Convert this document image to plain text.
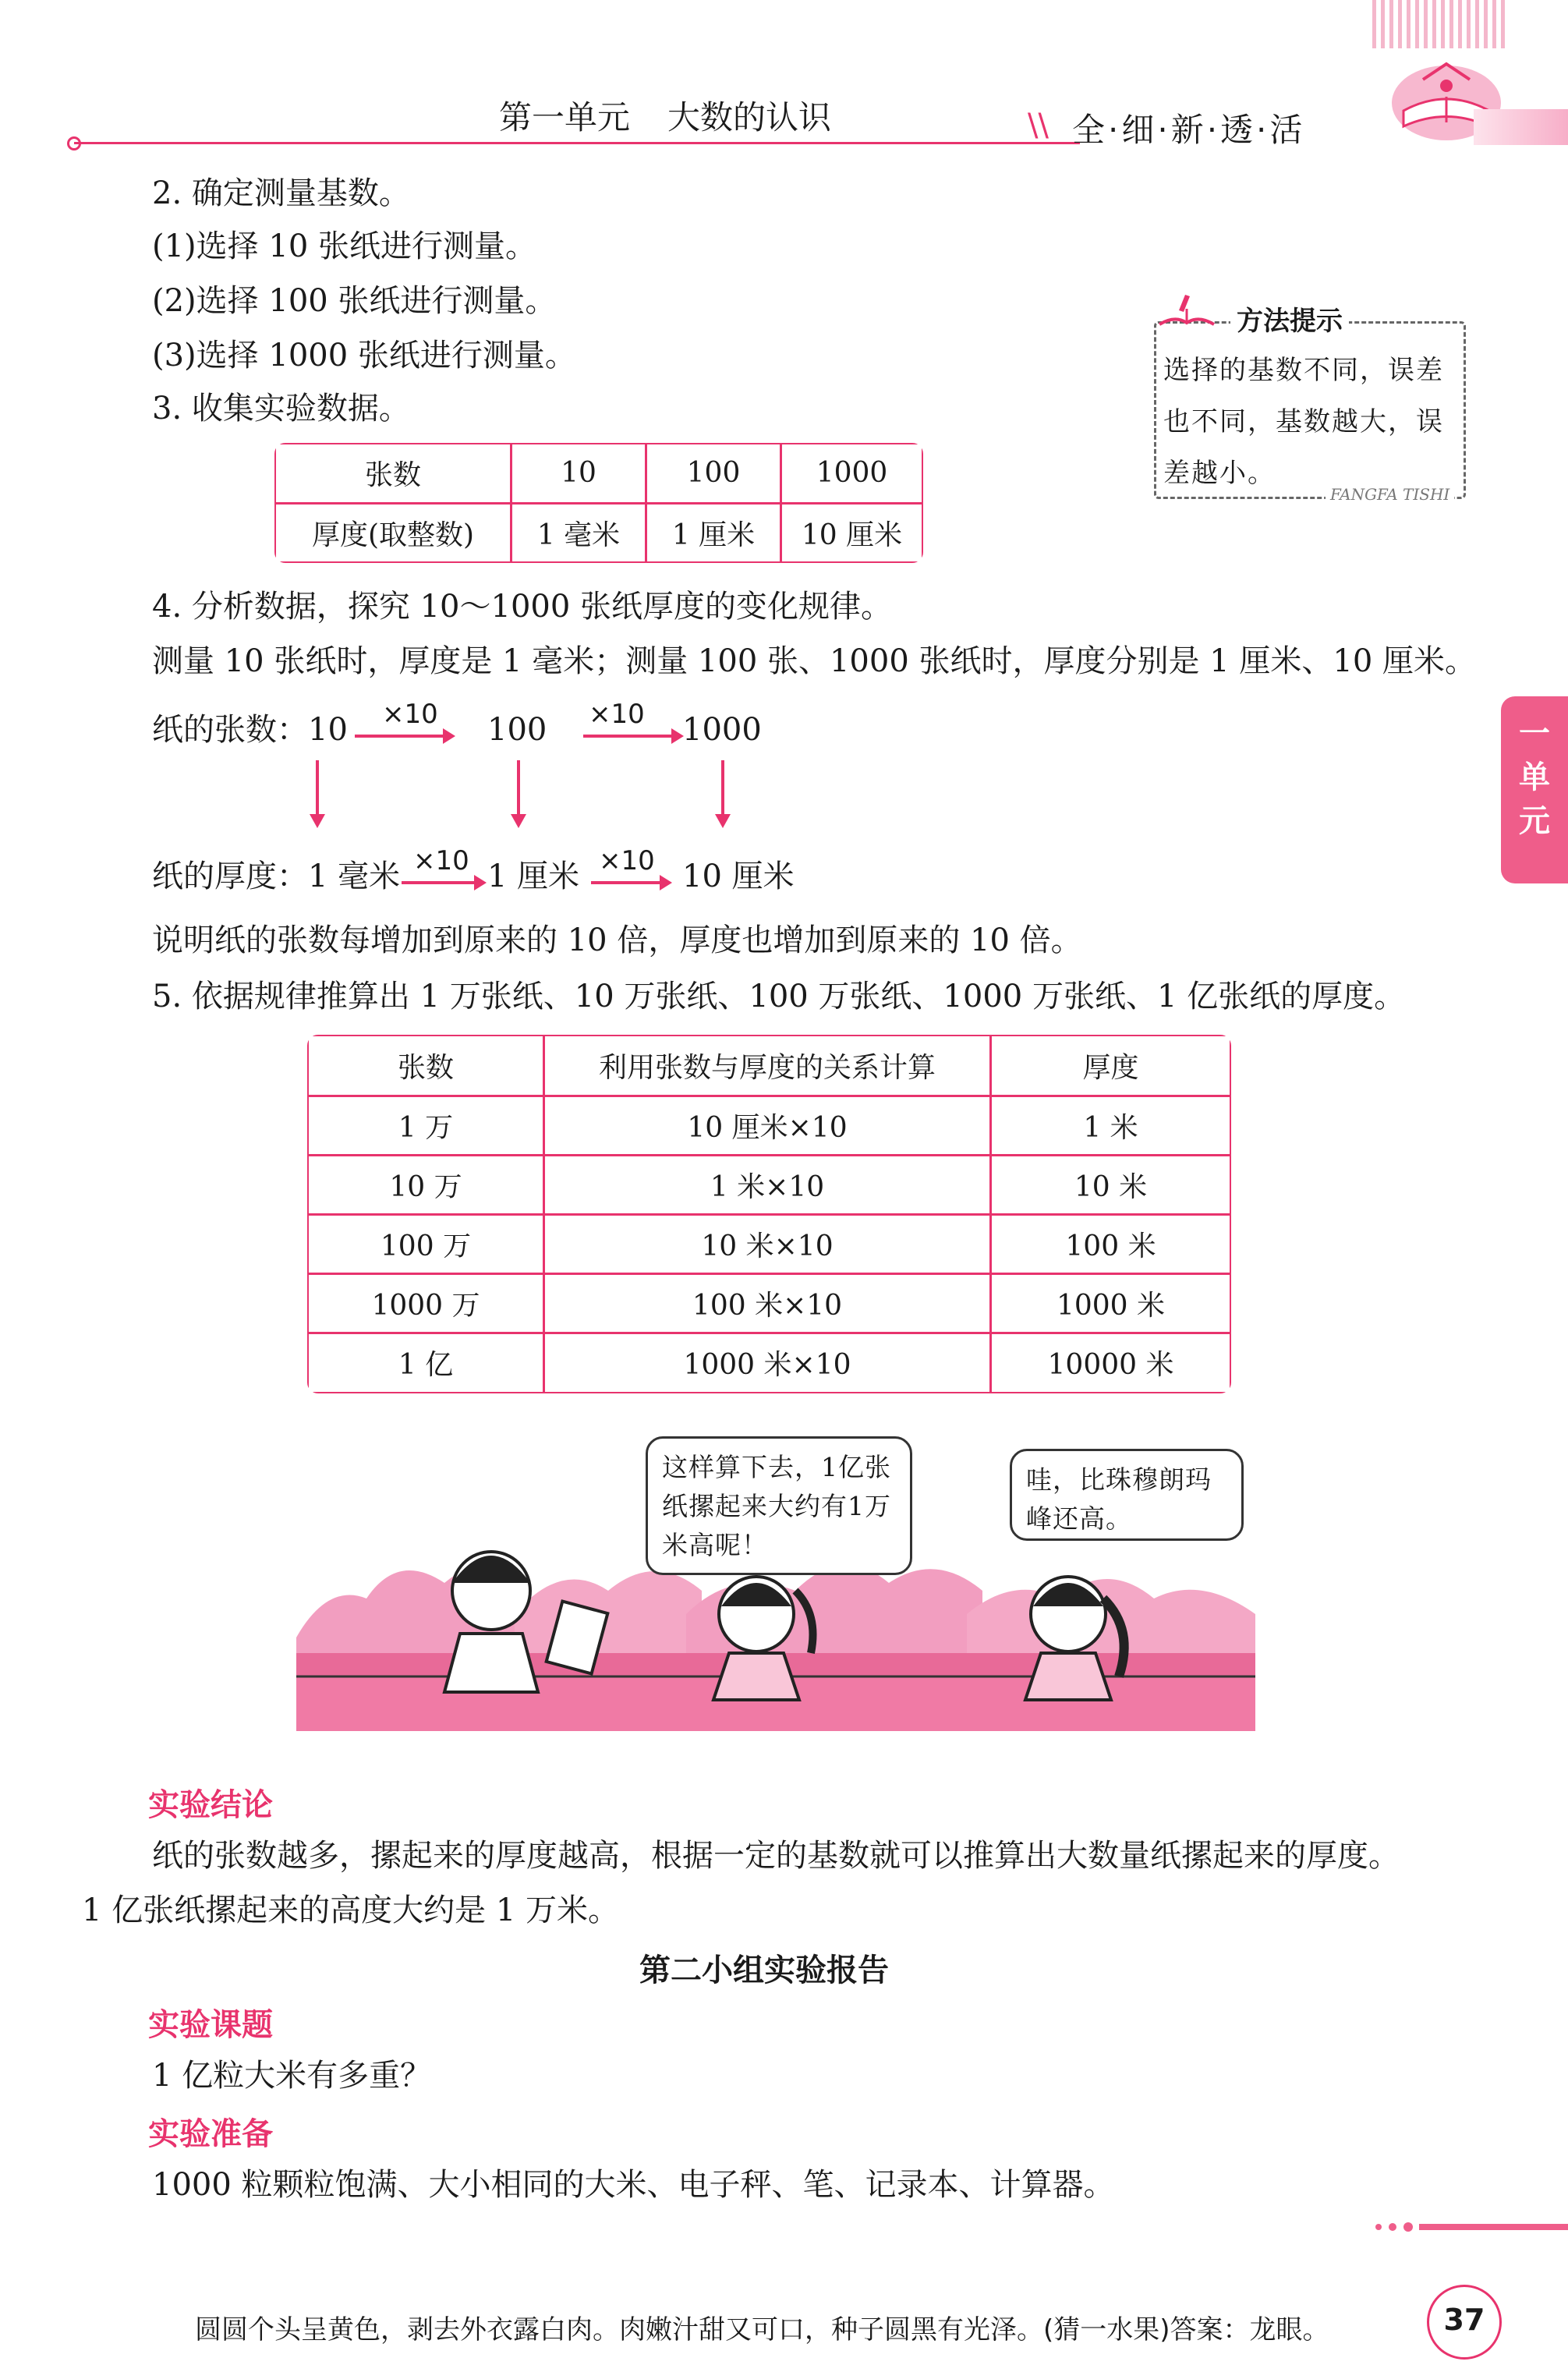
第一单元 大数的认识	\\ 全·细·新·透·活
一
单
元
2. 确定测量基数。
(1)选择 10 张纸进行测量。
(2)选择 100 张纸进行测量。
(3)选择 1000 张纸进行测量。
方法提示
选择的基数不同，误差也不同，基数越大，误差越小。
FANGFA TISHI
3. 收集实验数据。
张数	10	100	1000
厚度(取整数)	1 毫米	1 厘米	10 厘米
4. 分析数据，探究 10～1000 张纸厚度的变化规律。
测量 10 张纸时，厚度是 1 毫米；测量 100 张、1000 张纸时，厚度分别是 1 厘米、10 厘米。
纸的张数：10 ×10 100 ×10 1000
纸的厚度：1 毫米 ×10 1 厘米 ×10 10 厘米
说明纸的张数每增加到原来的 10 倍，厚度也增加到原来的 10 倍。
5. 依据规律推算出 1 万张纸、10 万张纸、100 万张纸、1000 万张纸、1 亿张纸的厚度。
张数	利用张数与厚度的关系计算	厚度
1 万	10 厘米×10	1 米
10 万	1 米×10	10 米
100 万	10 米×10	100 米
1000 万	100 米×10	1000 米
1 亿	1000 米×10	10000 米
这样算下去，1亿张纸摞起来大约有1万米高呢！
哇，比珠穆朗玛峰还高。
实验结论
纸的张数越多，摞起来的厚度越高，根据一定的基数就可以推算出大数量纸摞起来的厚度。
1 亿张纸摞起来的高度大约是 1 万米。
第二小组实验报告
实验课题
1 亿粒大米有多重？
实验准备
1000 粒颗粒饱满、大小相同的大米、电子秤、笔、记录本、计算器。
圆圆个头呈黄色，剥去外衣露白肉。肉嫩汁甜又可口，种子圆黑有光泽。(猜一水果)答案：龙眼。	37
